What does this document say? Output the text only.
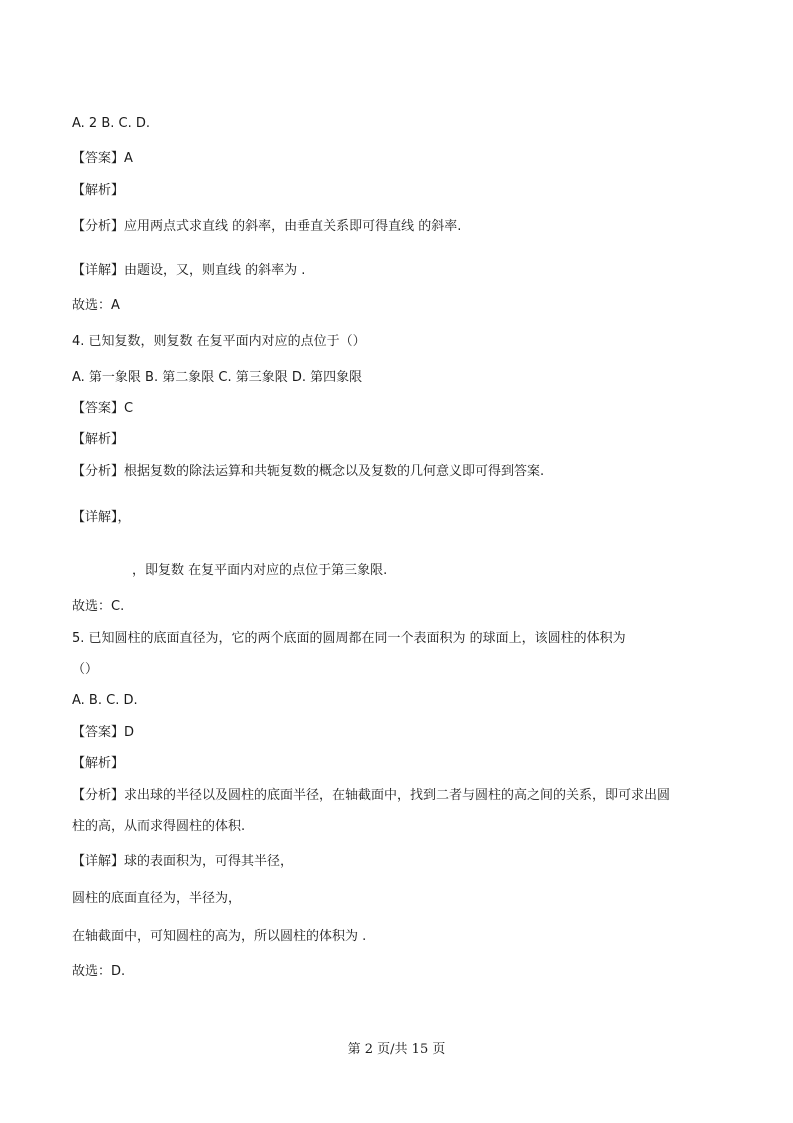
A. 2 B. C. D.
【答案】A
【解析】
【分析】应用两点式求直线 的斜率，由垂直关系即可得直线 的斜率.
【详解】由题设，又，则直线 的斜率为 .
故选：A
4. 已知复数，则复数 在复平面内对应的点位于（）
A. 第一象限 B. 第二象限 C. 第三象限 D. 第四象限
【答案】C
【解析】
【分析】根据复数的除法运算和共轭复数的概念以及复数的几何意义即可得到答案.
【详解】，
，即复数 在复平面内对应的点位于第三象限.
故选：C.
5. 已知圆柱的底面直径为，它的两个底面的圆周都在同一个表面积为 的球面上，该圆柱的体积为
（）
A. B. C. D.
【答案】D
【解析】
【分析】求出球的半径以及圆柱的底面半径，在轴截面中，找到二者与圆柱的高之间的关系，即可求出圆
柱的高，从而求得圆柱的体积.
【详解】球的表面积为，可得其半径，
圆柱的底面直径为，半径为，
在轴截面中，可知圆柱的高为，所以圆柱的体积为 .
故选：D.
第 2 页/共 15 页
